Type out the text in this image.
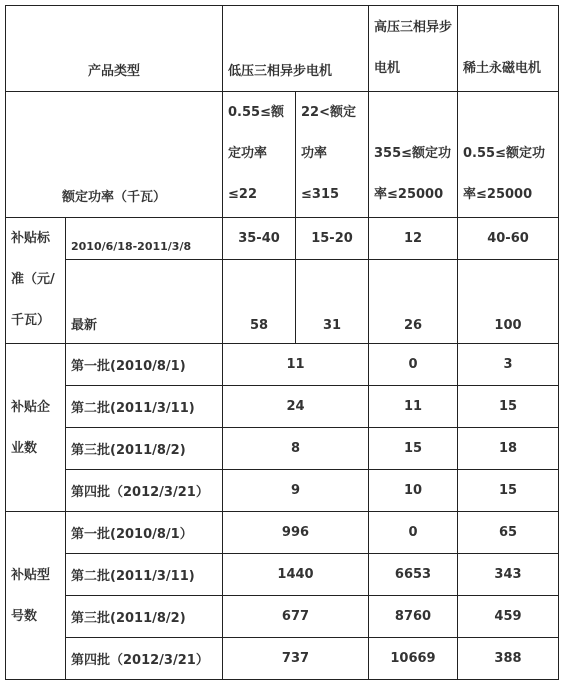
产品类型		低压三相异步电机		高压三相异步电机	稀土永磁电机
额定功率（千瓦）		0.55≤额定功率≤22	22<额定功率≤315	355≤额定功率≤25000	0.55≤额定功率≤25000
补贴标准（元/千瓦）	2010/6/18-2011/3/8	35-40	15-20	12	40-60
	最新	58	31	26	100
补贴企业数	第一批(2010/8/1)	11		0	3
	第二批(2011/3/11)	24		11	15
	第三批(2011/8/2)	8		15	18
	第四批（2012/3/21）	9		10	15
补贴型号数	第一批(2010/8/1）	996		0	65
	第二批(2011/3/11)	1440		6653	343
	第三批(2011/8/2)	677		8760	459
	第四批（2012/3/21）	737		10669	388
